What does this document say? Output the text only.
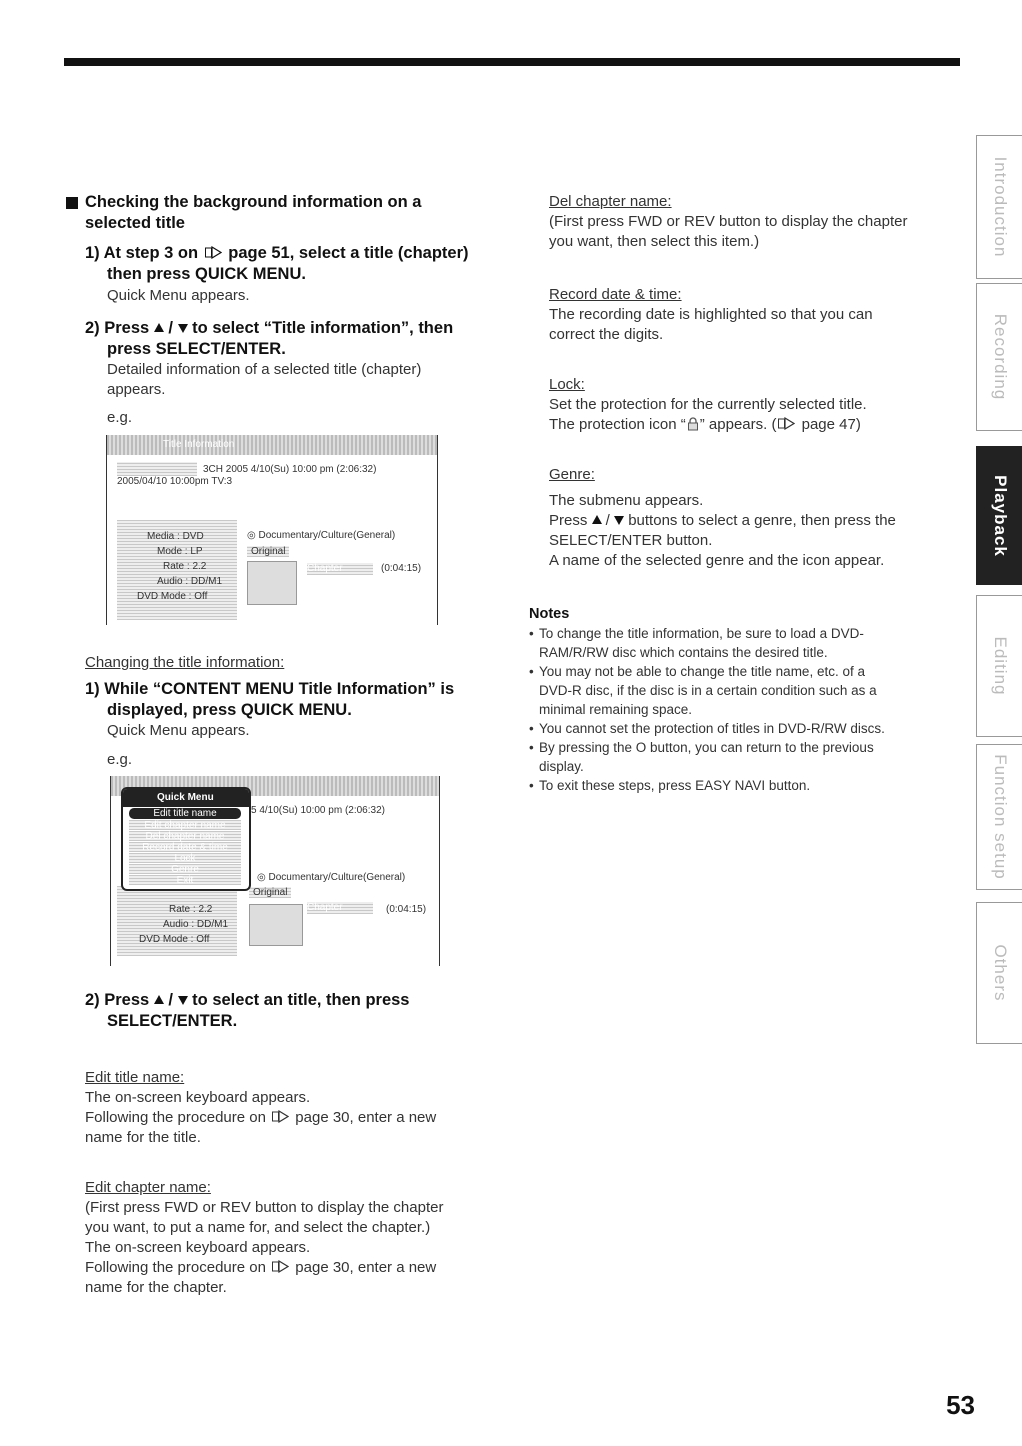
Checking the background information on a
selected title
1) At step 3 on page 51, select a title (chapter)
then press QUICK MENU.
Quick Menu appears.
2) Press  /  to select “Title information”, then
press SELECT/ENTER.
Detailed information of a selected title (chapter)
appears.
e.g.
Title Information
3CH 2005 4/10(Su) 10:00 pm (2:06:32)
2005/04/10 10:00pm TV:3
Media : DVD
Mode : LP
Rate : 2.2
Audio : DD/M1
DVD Mode : Off
◎ Documentary/Culture(General)
Original
Chapter	(0:04:15)
Changing the title information:
1) While “CONTENT MENU Title Information” is
displayed, press QUICK MENU.
Quick Menu appears.
e.g.
5 4/10(Su) 10:00 pm (2:06:32)
◎ Documentary/Culture(General)
Original
Chapter	(0:04:15)
Rate : 2.2
Audio : DD/M1
DVD Mode : Off
Quick Menu
Edit title name
Edit chapter name
Del chapter name
Record date & time
Lock
Genre
Exit
2) Press  /  to select an title, then press
SELECT/ENTER.
Edit title name:
The on-screen keyboard appears.
Following the procedure on page 30, enter a new
name for the title.
Edit chapter name:
(First press FWD or REV button to display the chapter
you want, to put a name for, and select the chapter.)
The on-screen keyboard appears.
Following the procedure on page 30, enter a new
name for the chapter.
Del chapter name:
(First press FWD or REV button to display the chapter
you want, then select this item.)
Record date & time:
The recording date is highlighted so that you can
correct the digits.
Lock:
Set the protection for the currently selected title.
The protection icon “ ” appears. ( page 47)
Genre:
The submenu appears.
Press  /  buttons to select a genre, then press the
SELECT/ENTER button.
A name of the selected genre and the icon appear.
Notes
• To change the title information, be sure to load a DVD-
RAM/R/RW disc which contains the desired title.
• You may not be able to change the title name, etc. of a
DVD-R disc, if the disc is in a certain condition such as a
minimal remaining space.
• You cannot set the protection of titles in DVD-R/RW discs.
• By pressing the O button, you can return to the previous
display.
• To exit these steps, press EASY NAVI button.
Introduction
Recording
Playback
Editing
Function setup
Others
53
